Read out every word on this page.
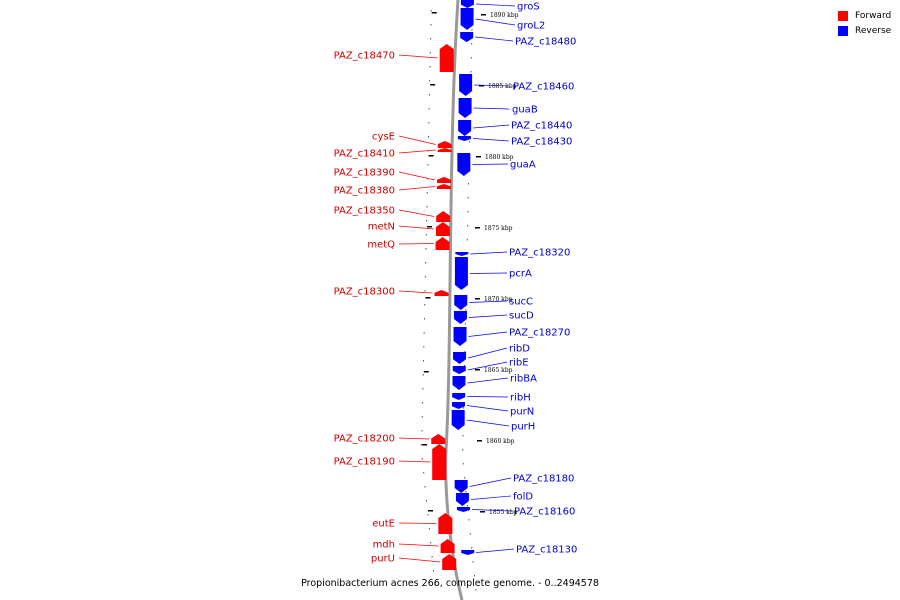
groS
groL2
PAZ_c18480
PAZ_c18460
guaB
PAZ_c18440
PAZ_c18430
guaA
PAZ_c18320
pcrA
sucC
sucD
PAZ_c18270
ribD
ribE
ribBA
ribH
purN
purH
PAZ_c18180
folD
PAZ_c18160
PAZ_c18130
PAZ_c18470
cysE
PAZ_c18410
PAZ_c18390
PAZ_c18380
PAZ_c18350
metN
metQ
PAZ_c18300
PAZ_c18200
PAZ_c18190
eutE
mdh
purU
1890 kbp
1885 kbp
1880 kbp
1875 kbp
1870 kbp
1865 kbp
1860 kbp
1855 kbp
Forward
Reverse
Propionibacterium acnes 266, complete genome. - 0..2494578
